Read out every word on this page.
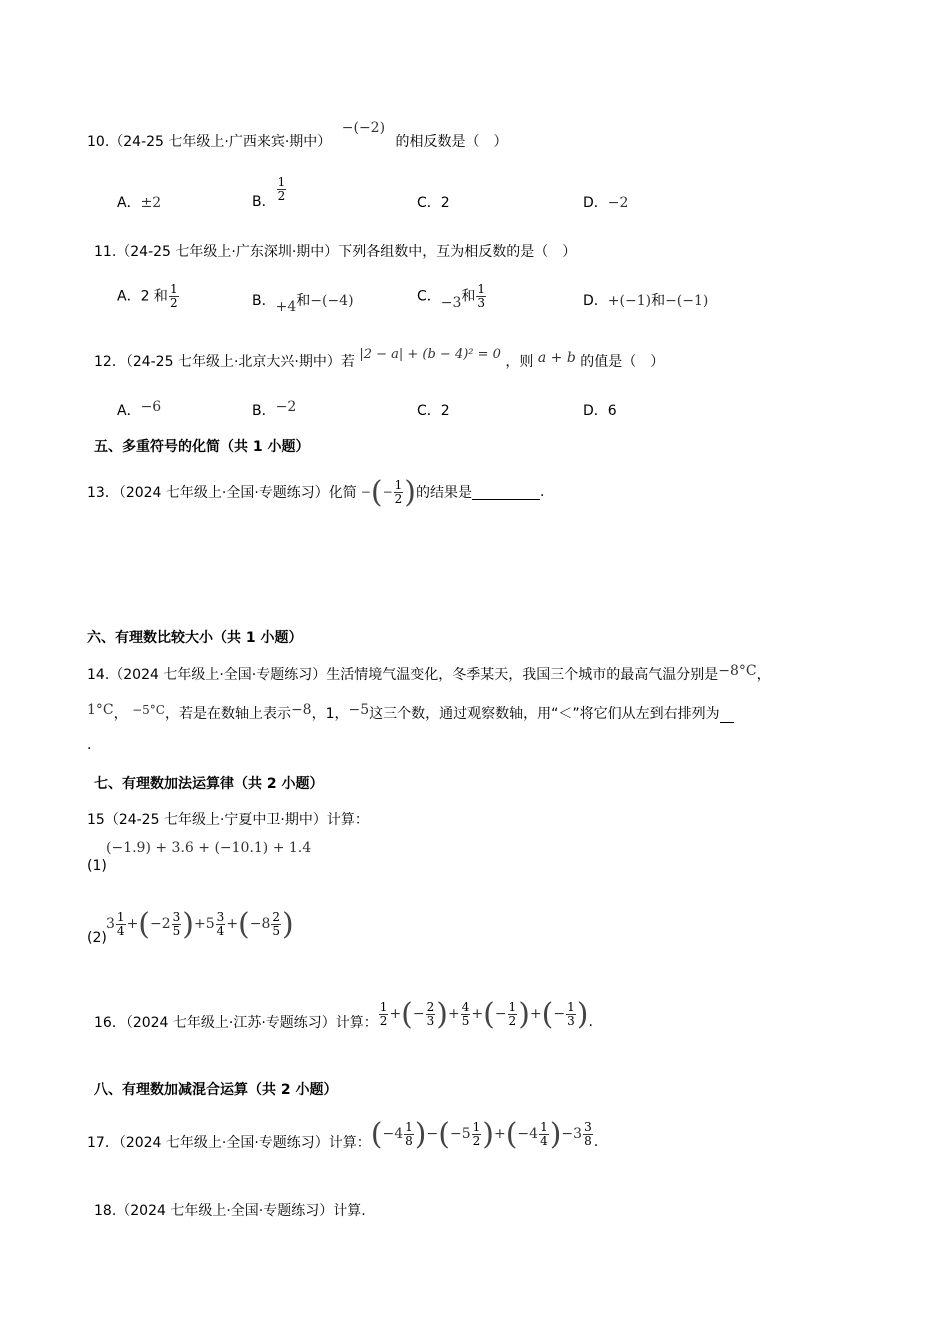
10.（24-25 七年级上·广西来宾·期中） −(−2) 的相反数是（　）
A．±2	B． $\frac{1}{2}$	C．2	D．−2
11.（24-25 七年级上·广东深圳·期中）下列各组数中，互为相反数的是（　）
A．2 和 $\frac{1}{2}$	B．+4和−(−4)	C．−3和 $\frac{1}{3}$	D．+(−1)和−(−1)
12．（24-25 七年级上·北京大兴·期中）若 |2 − a| + (b − 4)² = 0 ，则 a + b 的值是（　）
A．−6	B．−2	C．2	D．6
五、多重符号的化简（共 1 小题）
13．（2024 七年级上·全国·专题练习）化简 − ( − $\frac{1}{2}$ ) 的结果是	.
六、有理数比较大小（共 1 小题）
14.（2024 七年级上·全国·专题练习）生活情境气温变化，冬季某天，我国三个城市的最高气温分别是−8°C，
1°C， −5°C，若是在数轴上表示−8，1，−5这三个数，通过观察数轴，用“＜”将它们从左到右排列为
.
七、有理数加法运算律（共 2 小题）
15（24-25 七年级上·宁夏中卫·期中）计算：
(−1.9) + 3.6 + (−10.1) + 1.4
(1)
(2)
$3 \frac{1}{4}$ + ( $-2 \frac{3}{5}$ ) + $5 \frac{3}{4}$ + ( $-8 \frac{2}{5}$ )
16．（2024 七年级上·江苏·专题练习）计算： $\frac{1}{2}$ + ( − $\frac{2}{3}$ ) + $\frac{4}{5}$ + ( − $\frac{1}{2}$ ) + ( − $\frac{1}{3}$ ) .
八、有理数加减混合运算（共 2 小题）
17．（2024 七年级上·全国·专题练习）计算： ( $-4 \frac{1}{8}$ ) − ( $-5 \frac{1}{2}$ ) + ( $-4 \frac{1}{4}$ ) − $3 \frac{3}{8}$ .
18.（2024 七年级上·全国·专题练习）计算.
